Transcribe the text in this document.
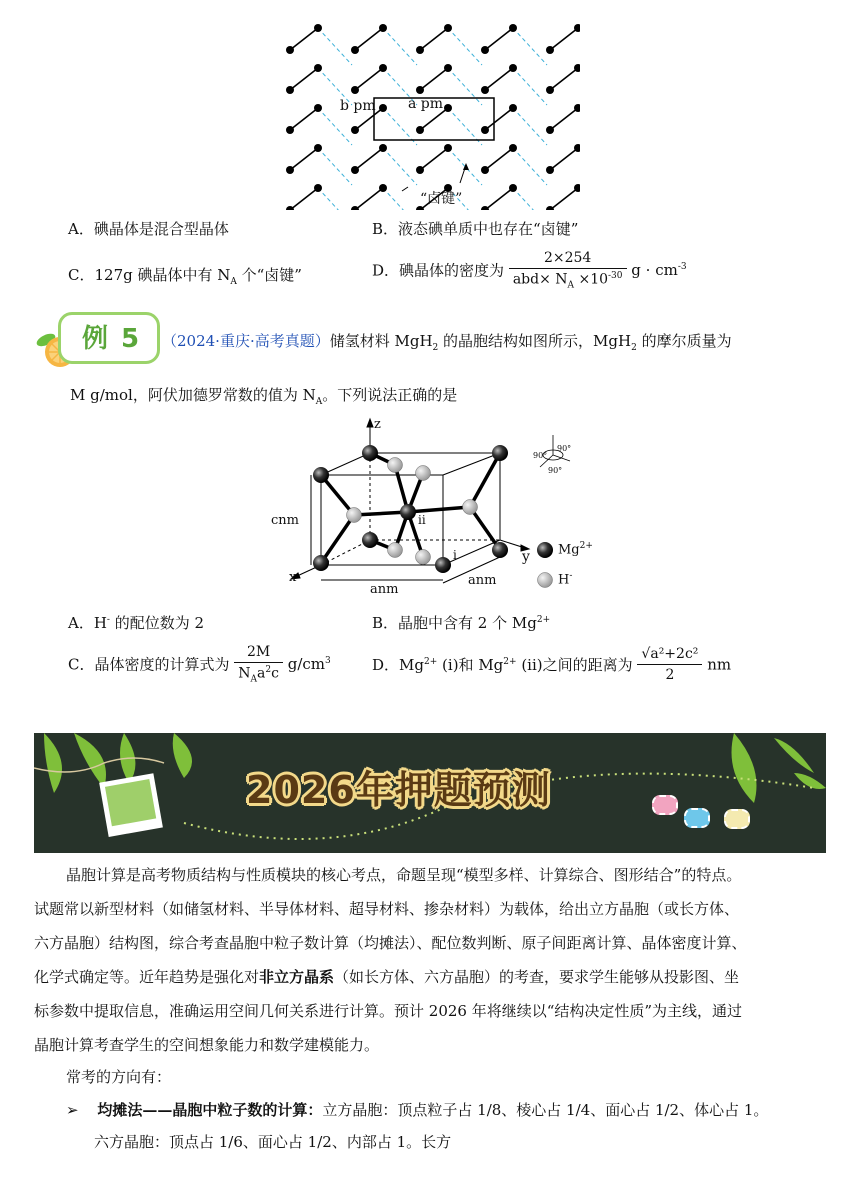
b pm a pm
“卤键”
A．碘晶体是混合型晶体	B．液态碘单质中也存在“卤键”
C．127g 碘晶体中有 $N_A$ 个“卤键”	D．碘晶体的密度为 $\frac{2\times 254}{abd\times N_A \times 10^{-30}}$ $g \cdot cm^{-3}$
例 5 （2024·重庆·高考真题）储氢材料 MgH$_2$ 的晶胞结构如图所示，MgH$_2$ 的摩尔质量为
M g/mol，阿伏加德罗常数的值为 $N_A$。下列说法正确的是
z
x
y
cnm
anm
anm
i
ii
$Mg^{2+}$
H-
90°
90°
90°
A．H- 的配位数为 2	B．晶胞中含有 2 个 $Mg^{2+}$
C．晶体密度的计算式为 $\frac{2M}{N_Aa^2c} g/cm^3$	D．$Mg^{2+}$ (i)和 $Mg^{2+}$ (ii)之间的距离为 $\frac{\text{√a²+2c²}}{2}$ nm
2026年押题预测
晶胞计算是高考物质结构与性质模块的核心考点，命题呈现“模型多样、计算综合、图形结合”的特点。
试题常以新型材料（如储氢材料、半导体材料、超导材料、掺杂材料）为载体，给出立方晶胞（或长方体、
六方晶胞）结构图，综合考查晶胞中粒子数计算（均摊法）、配位数判断、原子间距离计算、晶体密度计算、
化学式确定等。近年趋势是强化对非立方晶系（如长方体、六方晶胞）的考查，要求学生能够从投影图、坐
标参数中提取信息，准确运用空间几何关系进行计算。预计 2026 年将继续以“结构决定性质”为主线，通过
晶胞计算考查学生的空间想象能力和数学建模能力。
常考的方向有：
➢ 均摊法——晶胞中粒子数的计算：立方晶胞：顶点粒子占 1/8、棱心占 1/4、面心占 1/2、体心占 1。
六方晶胞：顶点占 1/6、面心占 1/2、内部占 1。长方
